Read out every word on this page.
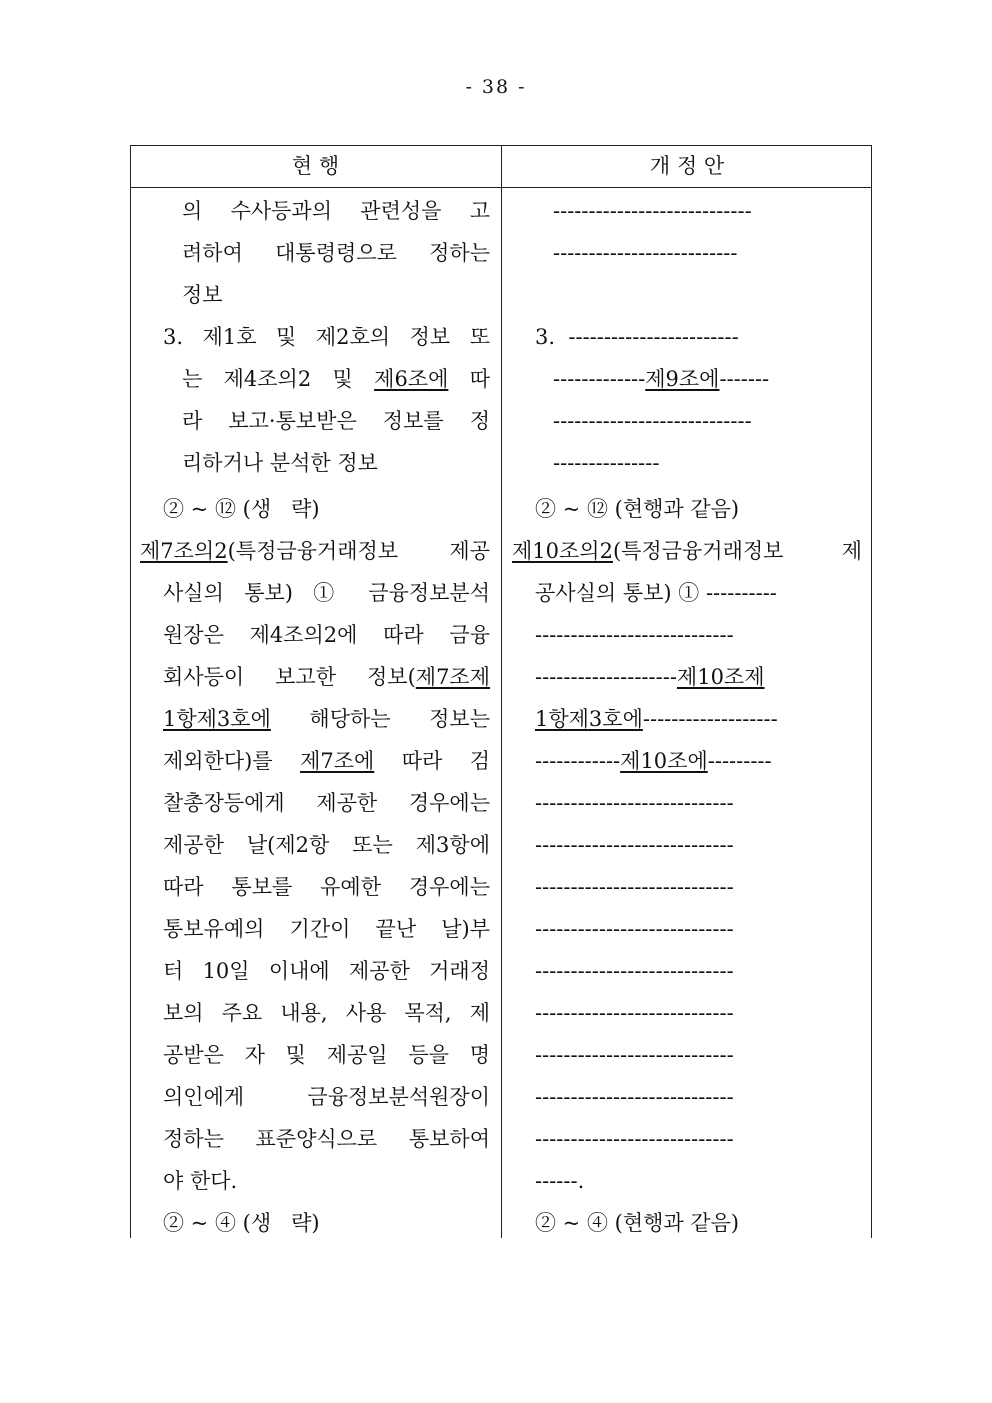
- 38 -
현 행	개 정 안
의 수사등과의 관련성을 고
려하여 대통령령으로 정하는
정보
3. 제1호 및 제2호의 정보 또
는 제4조의2 및 제6조에 따
라 보고·통보받은 정보를 정
리하거나 분석한 정보
② ~ ⑫ (생   략)
제7조의2(특정금융거래정보 제공
사실의 통보) ① 금융정보분석
원장은 제4조의2에 따라 금융
회사등이 보고한 정보(제7조제
1항제3호에 해당하는 정보는
제외한다)를 제7조에 따라 검
찰총장등에게 제공한 경우에는
제공한 날(제2항 또는 제3항에
따라 통보를 유예한 경우에는
통보유예의 기간이 끝난 날)부
터 10일 이내에 제공한 거래정
보의 주요 내용, 사용 목적, 제
공받은 자 및 제공일 등을 명
의인에게 금융정보분석원장이
정하는 표준양식으로 통보하여
야 한다.
② ~ ④ (생   략)
----------------------------
--------------------------
3.  ------------------------
-------------제9조에-------
----------------------------
---------------
② ~ ⑫ (현행과 같음)
제10조의2(특정금융거래정보 제
공사실의 통보) ① ----------
----------------------------
--------------------제10조제
1항제3호에-------------------
------------제10조에---------
----------------------------
----------------------------
----------------------------
----------------------------
----------------------------
----------------------------
----------------------------
----------------------------
----------------------------
------.
② ~ ④ (현행과 같음)
